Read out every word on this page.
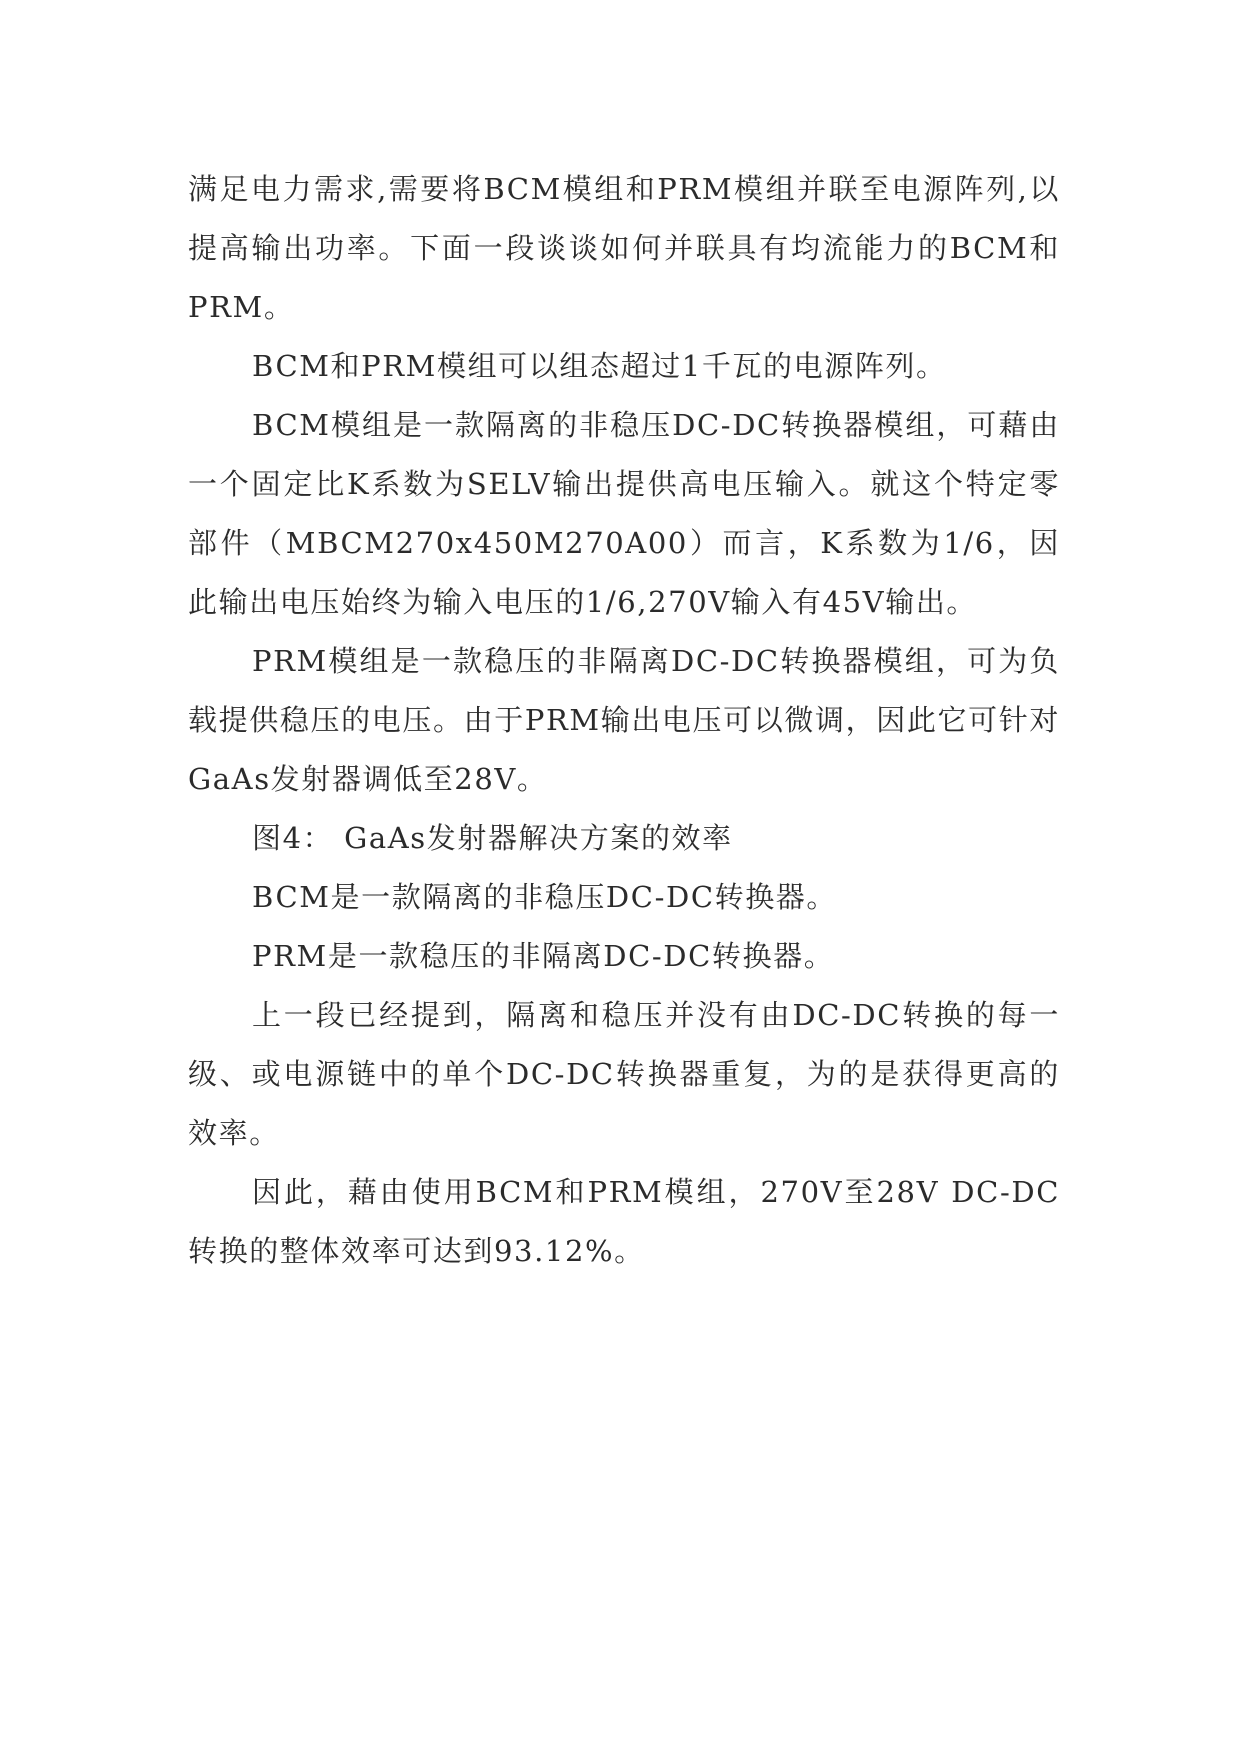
满足电力需求,需要将BCM模组和PRM模组并联至电源阵列,以提高输出功率。下面一段谈谈如何并联具有均流能力的BCM和PRM。

BCM和PRM模组可以组态超过1千瓦的电源阵列。

BCM模组是一款隔离的非稳压DC-DC转换器模组，可藉由一个固定比K系数为SELV输出提供高电压输入。就这个特定零部件（MBCM270x450M270A00）而言，K系数为1/6，因此输出电压始终为输入电压的1/6,270V输入有45V输出。

PRM模组是一款稳压的非隔离DC-DC转换器模组，可为负载提供稳压的电压。由于PRM输出电压可以微调，因此它可针对GaAs发射器调低至28V。

图4： GaAs发射器解决方案的效率

BCM是一款隔离的非稳压DC-DC转换器。

PRM是一款稳压的非隔离DC-DC转换器。

上一段已经提到，隔离和稳压并没有由DC-DC转换的每一级、或电源链中的单个DC-DC转换器重复，为的是获得更高的效率。

因此，藉由使用BCM和PRM模组，270V至28V DC-DC转换的整体效率可达到93.12%。
